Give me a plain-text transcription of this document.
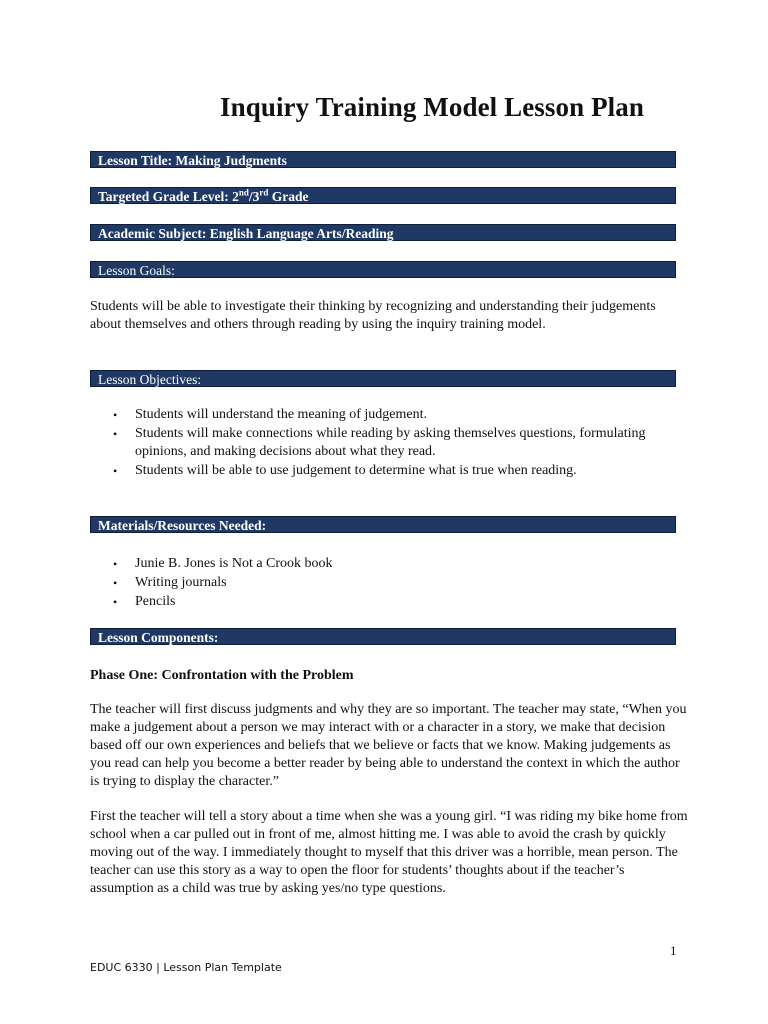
Inquiry Training Model Lesson Plan
Lesson Title: Making Judgments
Targeted Grade Level: 2nd/3rd Grade
Academic Subject: English Language Arts/Reading
Lesson Goals:
Students will be able to investigate their thinking by recognizing and understanding their judgements about themselves and others through reading by using the inquiry training model.
Lesson Objectives:
• Students will understand the meaning of judgement.
• Students will make connections while reading by asking themselves questions, formulating opinions, and making decisions about what they read.
• Students will be able to use judgement to determine what is true when reading.
Materials/Resources Needed:
• Junie B. Jones is Not a Crook book
• Writing journals
• Pencils
Lesson Components:
Phase One: Confrontation with the Problem
The teacher will first discuss judgments and why they are so important. The teacher may state, “When you make a judgement about a person we may interact with or a character in a story, we make that decision based off our own experiences and beliefs that we believe or facts that we know. Making judgements as you read can help you become a better reader by being able to understand the context in which the author is trying to display the character.”
First the teacher will tell a story about a time when she was a young girl. “I was riding my bike home from school when a car pulled out in front of me, almost hitting me. I was able to avoid the crash by quickly moving out of the way. I immediately thought to myself that this driver was a horrible, mean person. The teacher can use this story as a way to open the floor for students’ thoughts about if the teacher’s assumption as a child was true by asking yes/no type questions.
1
EDUC 6330 | Lesson Plan Template
